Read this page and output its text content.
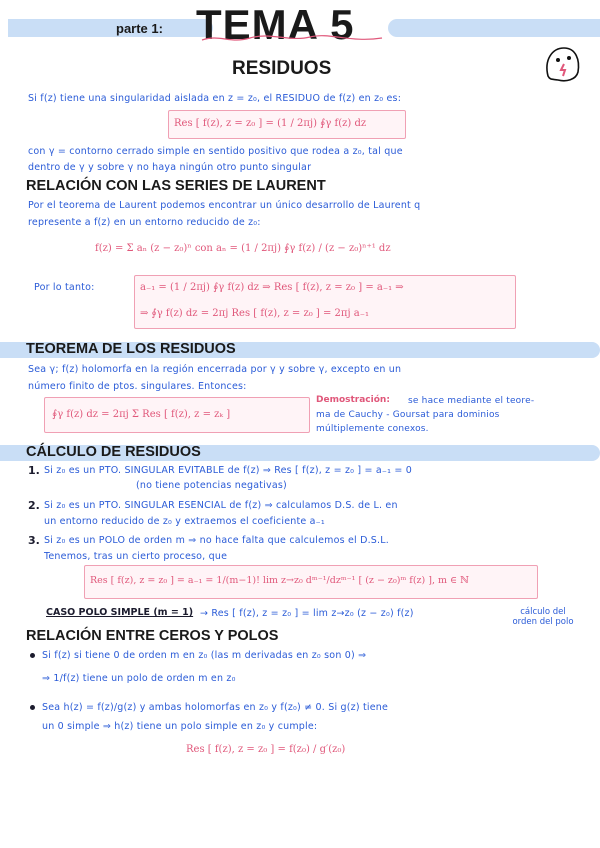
parte 1: TEMA 5
RESIDUOS
Si f(z) tiene una singularidad aislada en z = z₀, el RESIDUO de f(z) en z₀ es:
Res [ f(z), z = z₀ ] = (1 / 2πj) ∮γ f(z) dz
con γ = contorno cerrado simple en sentido positivo que rodea a z₀, tal que
dentro de γ y sobre γ no haya ningún otro punto singular
RELACIÓN CON LAS SERIES DE LAURENT
Por el teorema de Laurent podemos encontrar un único desarrollo de Laurent q
represente a f(z) en un entorno reducido de z₀:
f(z) = Σ aₙ (z − z₀)ⁿ con aₙ = (1 / 2πj) ∮γ f(z) / (z − z₀)ⁿ⁺¹ dz
Por lo tanto:	a₋₁ = (1 / 2πj) ∮γ f(z) dz ⇒ Res [ f(z), z = z₀ ] = a₋₁ ⇒
⇒ ∮γ f(z) dz = 2πj Res [ f(z), z = z₀ ] = 2πj a₋₁
TEOREMA DE LOS RESIDUOS
Sea γ; f(z) holomorfa en la región encerrada por γ y sobre γ, excepto en un
número finito de ptos. singulares. Entonces:
∮γ f(z) dz = 2πj Σ Res [ f(z), z = zₖ ]
Demostración: se hace mediante el teore-
ma de Cauchy - Goursat para dominios
múltiplemente conexos.
CÁLCULO DE RESIDUOS
1. Si z₀ es un PTO. SINGULAR EVITABLE de f(z) ⇒ Res [ f(z), z = z₀ ] = a₋₁ = 0
(no tiene potencias negativas)
2. Si z₀ es un PTO. SINGULAR ESENCIAL de f(z) ⇒ calculamos D.S. de L. en
un entorno reducido de z₀ y extraemos el coeficiente a₋₁
3. Si z₀ es un POLO de orden m ⇒ no hace falta que calculemos el D.S.L.
Tenemos, tras un cierto proceso, que
Res [ f(z), z = z₀ ] = a₋₁ = 1/(m−1)! lim z→z₀ dᵐ⁻¹/dzᵐ⁻¹ [ (z − z₀)ᵐ f(z) ], m ∈ ℕ
CASO POLO SIMPLE (m = 1) → Res [ f(z), z = z₀ ] = lim z→z₀ (z − z₀) f(z)	cálculo del orden del polo
RELACIÓN ENTRE CEROS Y POLOS
Si f(z) si tiene 0 de orden m en z₀ (las m derivadas en z₀ son 0) ⇒
⇒ 1/f(z) tiene un polo de orden m en z₀
Sea h(z) = f(z)/g(z) y ambas holomorfas en z₀ y f(z₀) ≠ 0. Si g(z) tiene
un 0 simple ⇒ h(z) tiene un polo simple en z₀ y cumple:
Res [ f(z), z = z₀ ] = f(z₀) / g′(z₀)
